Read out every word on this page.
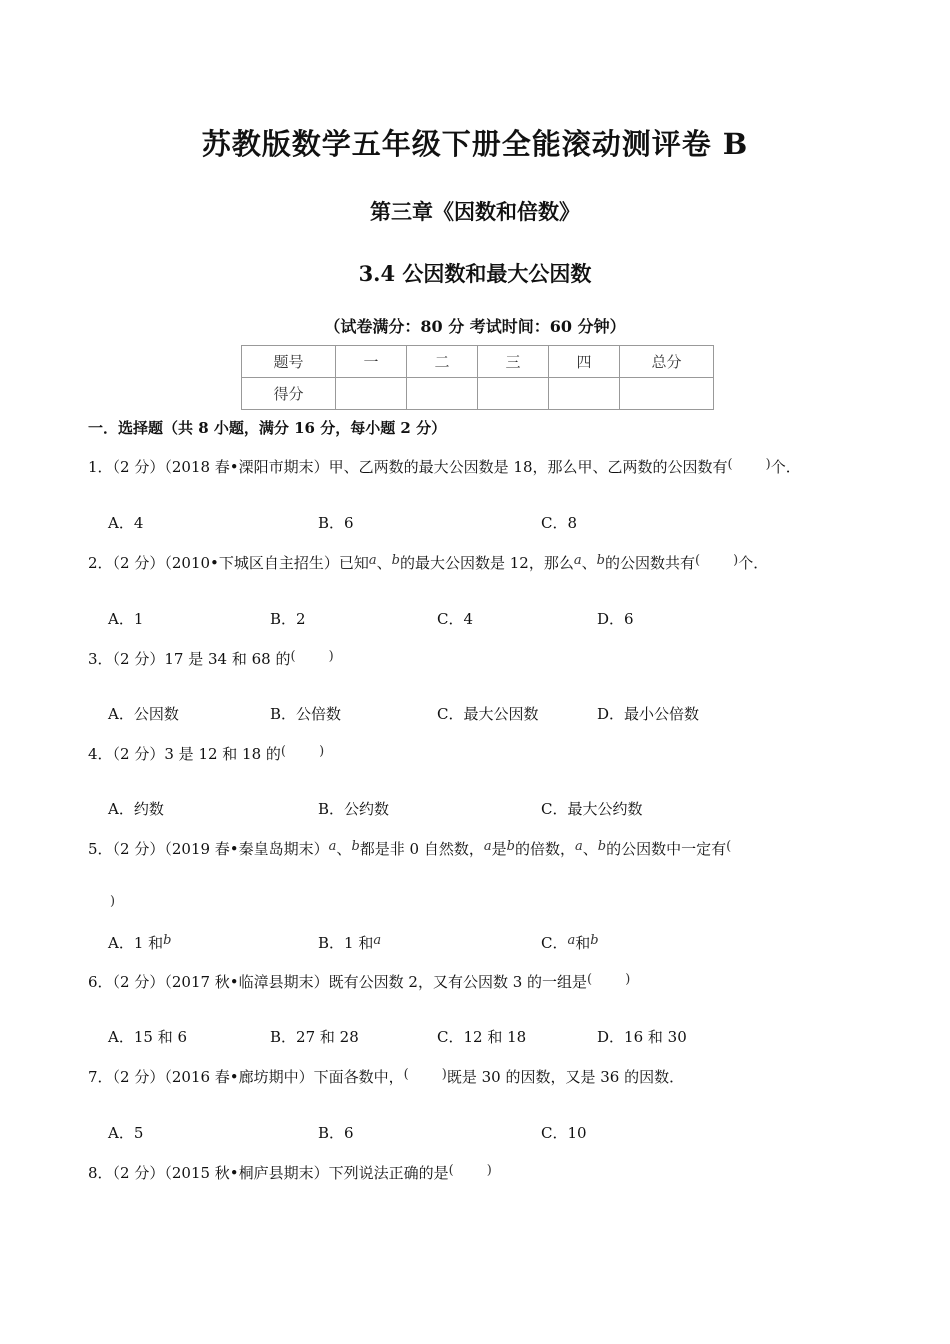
苏教版数学五年级下册全能滚动测评卷 B
第三章《因数和倍数》
3.4 公因数和最大公因数
（试卷满分：80 分 考试时间：60 分钟）
题号	一	二	三	四	总分
得分					
一．选择题（共 8 小题，满分 16 分，每小题 2 分）
1．（2 分）（2018 春•溧阳市期末）甲、乙两数的最大公因数是 18，那么甲、乙两数的公因数有(	)个．
A．4	B．6	C．8
2．（2 分）（2010•下城区自主招生）已知a、b的最大公因数是 12，那么a、b的公因数共有(	)个．
A．1	B．2	C．4	D．6
3．（2 分）17 是 34 和 68 的(	)
A．公因数	B．公倍数	C．最大公因数	D．最小公倍数
4．（2 分）3 是 12 和 18 的(	)
A．约数	B．公约数	C．最大公约数
5．（2 分）（2019 春•秦皇岛期末）a、b都是非 0 自然数，a是b的倍数，a、b的公因数中一定有(
)
A．1 和b	B．1 和a	C．a和b
6．（2 分）（2017 秋•临漳县期末）既有公因数 2，又有公因数 3 的一组是(	)
A．15 和 6	B．27 和 28	C．12 和 18	D．16 和 30
7．（2 分）（2016 春•廊坊期中）下面各数中，(	)既是 30 的因数，又是 36 的因数．
A．5	B．6	C．10
8．（2 分）（2015 秋•桐庐县期末）下列说法正确的是(	)
